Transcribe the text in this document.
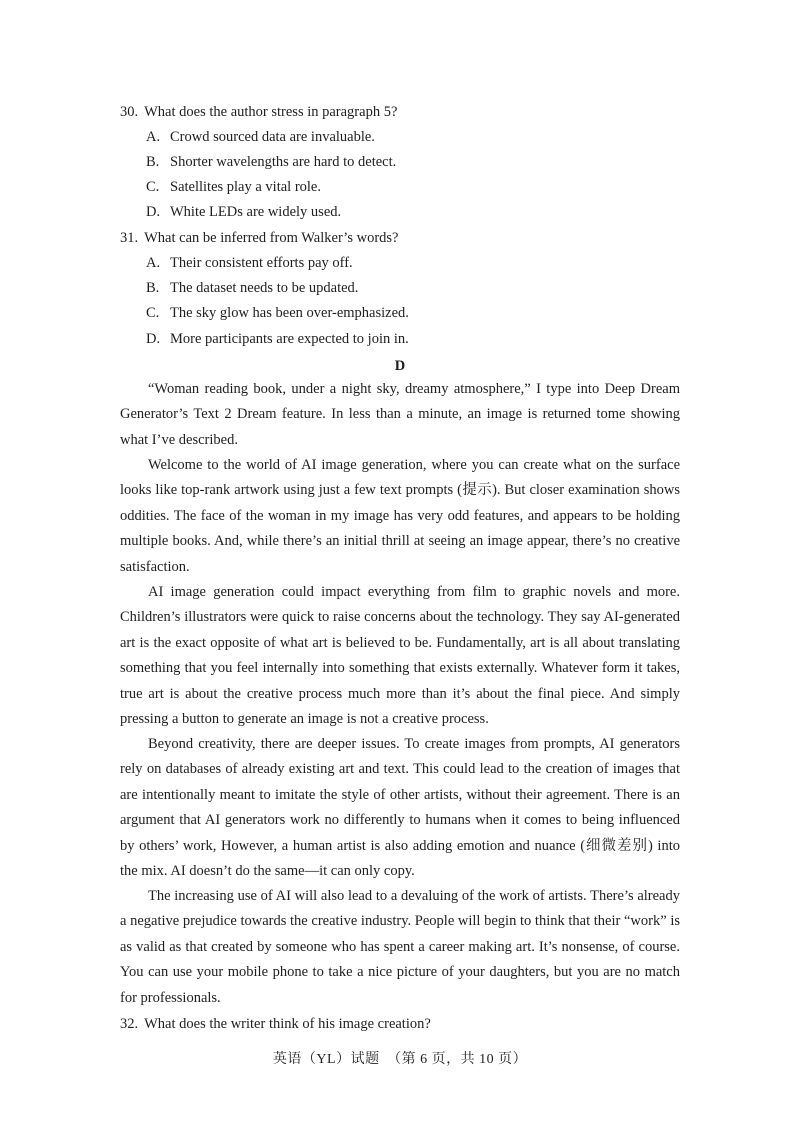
30. What does the author stress in paragraph 5?
A. Crowd sourced data are invaluable.
B. Shorter wavelengths are hard to detect.
C. Satellites play a vital role.
D. White LEDs are widely used.
31. What can be inferred from Walker’s words?
A. Their consistent efforts pay off.
B. The dataset needs to be updated.
C. The sky glow has been over-emphasized.
D. More participants are expected to join in.
D

“Woman reading book, under a night sky, dreamy atmosphere,” I type into Deep Dream Generator’s Text 2 Dream feature. In less than a minute, an image is returned tome showing what I’ve described.

Welcome to the world of AI image generation, where you can create what on the surface looks like top-rank artwork using just a few text prompts (提示). But closer examination shows oddities. The face of the woman in my image has very odd features, and appears to be holding multiple books. And, while there’s an initial thrill at seeing an image appear, there’s no creative satisfaction.

AI image generation could impact everything from film to graphic novels and more. Children’s illustrators were quick to raise concerns about the technology. They say AI-generated art is the exact opposite of what art is believed to be. Fundamentally, art is all about translating something that you feel internally into something that exists externally. Whatever form it takes, true art is about the creative process much more than it’s about the final piece. And simply pressing a button to generate an image is not a creative process.

Beyond creativity, there are deeper issues. To create images from prompts, AI generators rely on databases of already existing art and text. This could lead to the creation of images that are intentionally meant to imitate the style of other artists, without their agreement. There is an argument that AI generators work no differently to humans when it comes to being influenced by others’ work, However, a human artist is also adding emotion and nuance (细微差别) into the mix. AI doesn’t do the same—it can only copy.

The increasing use of AI will also lead to a devaluing of the work of artists. There’s already a negative prejudice towards the creative industry. People will begin to think that their “work” is as valid as that created by someone who has spent a career making art. It’s nonsense, of course. You can use your mobile phone to take a nice picture of your daughters, but you are no match for professionals.

32. What does the writer think of his image creation?
英语（YL）试题　（第 6 页，共 10 页）
